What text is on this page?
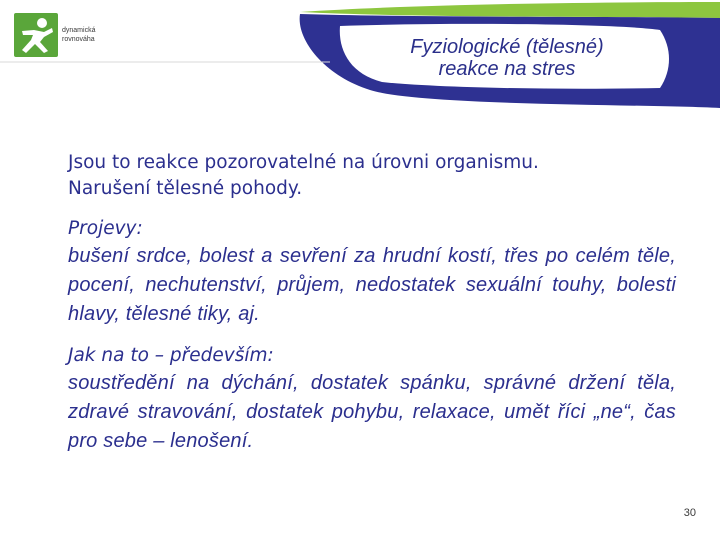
dynamická
rovnováha	Fyziologické (tělesné)
reakce na stres
Jsou to reakce pozorovatelné na úrovni organismu.
Narušení tělesné pohody.
Projevy:

bušení srdce, bolest a sevření za hrudní kostí, třes po celém těle, pocení, nechutenství, průjem, nedostatek sexuální touhy, bolesti hlavy, tělesné tiky, aj.

Jak na to – především:

soustředění na dýchání, dostatek spánku, správné držení těla, zdravé stravování, dostatek pohybu, relaxace, umět říci „ne“, čas pro sebe – lenošení.

30
